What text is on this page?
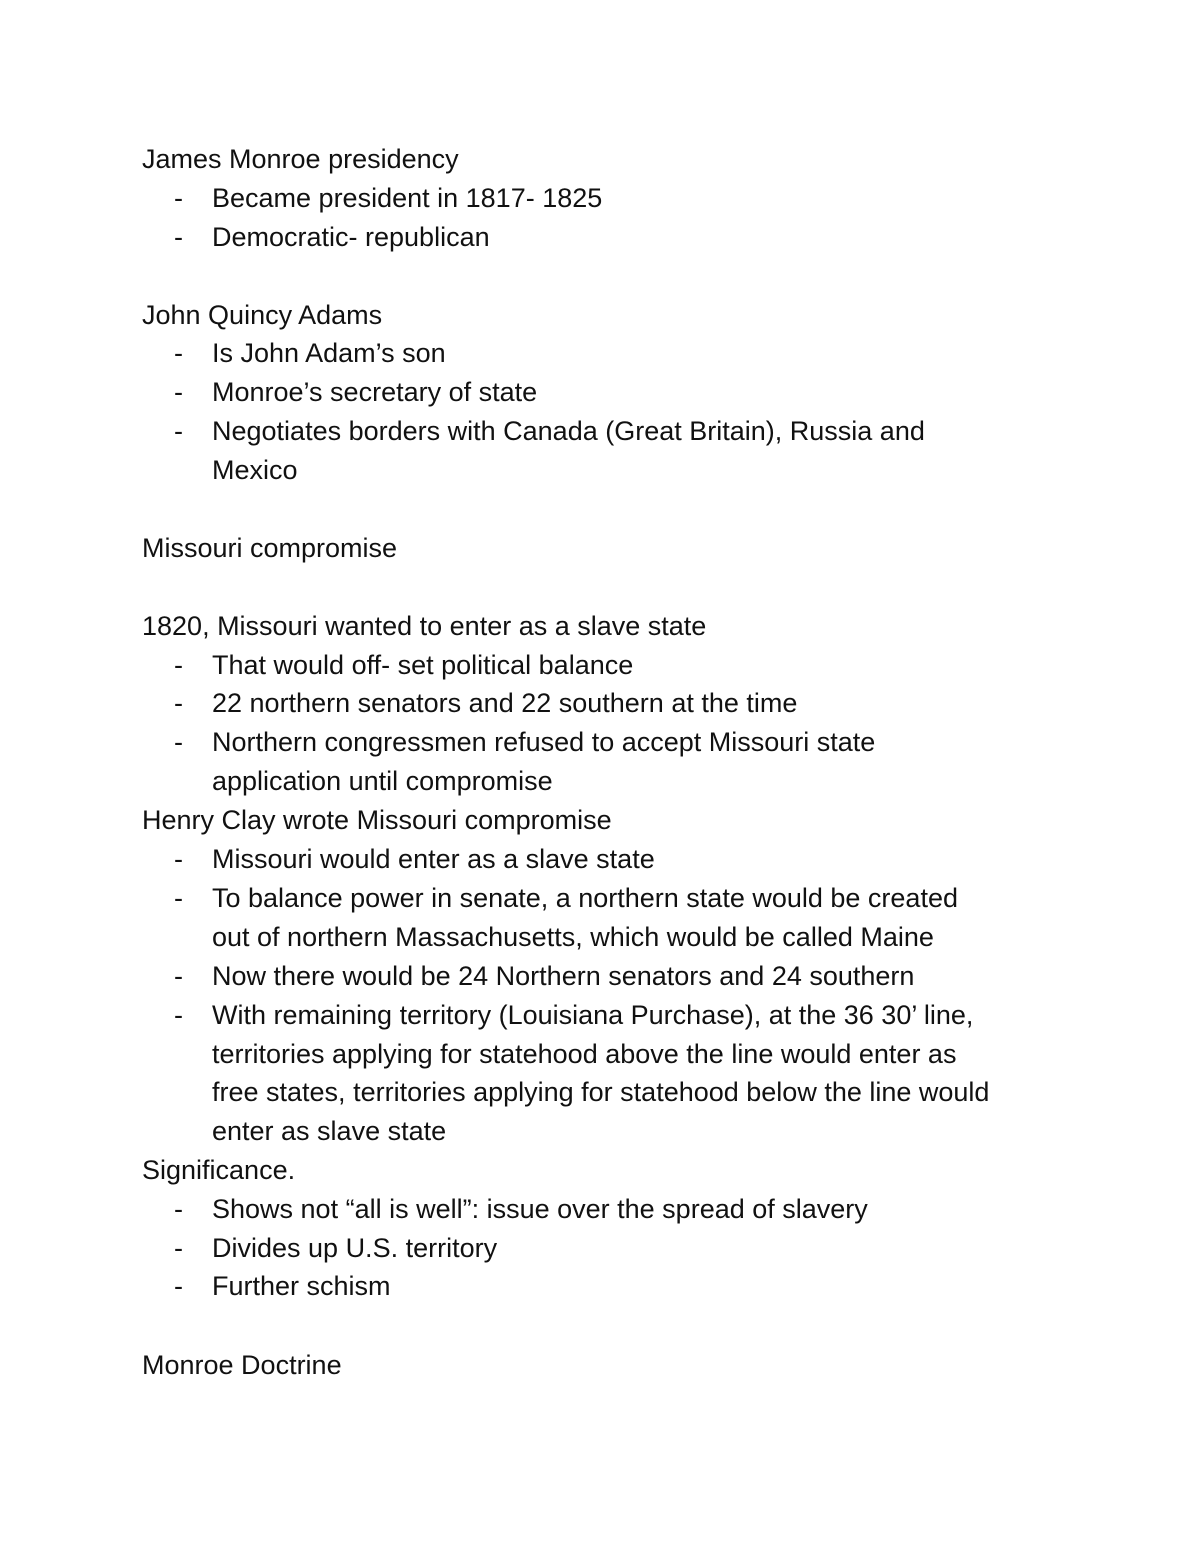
James Monroe presidency
- Became president in 1817- 1825
- Democratic- republican
John Quincy Adams
- Is John Adam’s son
- Monroe’s secretary of state
- Negotiates borders with Canada (Great Britain), Russia and
Mexico
Missouri compromise
1820, Missouri wanted to enter as a slave state
- That would off- set political balance
- 22 northern senators and 22 southern at the time
- Northern congressmen refused to accept Missouri state
application until compromise
Henry Clay wrote Missouri compromise
- Missouri would enter as a slave state
- To balance power in senate, a northern state would be created
out of northern Massachusetts, which would be called Maine
- Now there would be 24 Northern senators and 24 southern
- With remaining territory (Louisiana Purchase), at the 36 30’ line,
territories applying for statehood above the line would enter as
free states, territories applying for statehood below the line would
enter as slave state
Significance.
- Shows not “all is well”: issue over the spread of slavery
- Divides up U.S. territory
- Further schism
Monroe Doctrine
